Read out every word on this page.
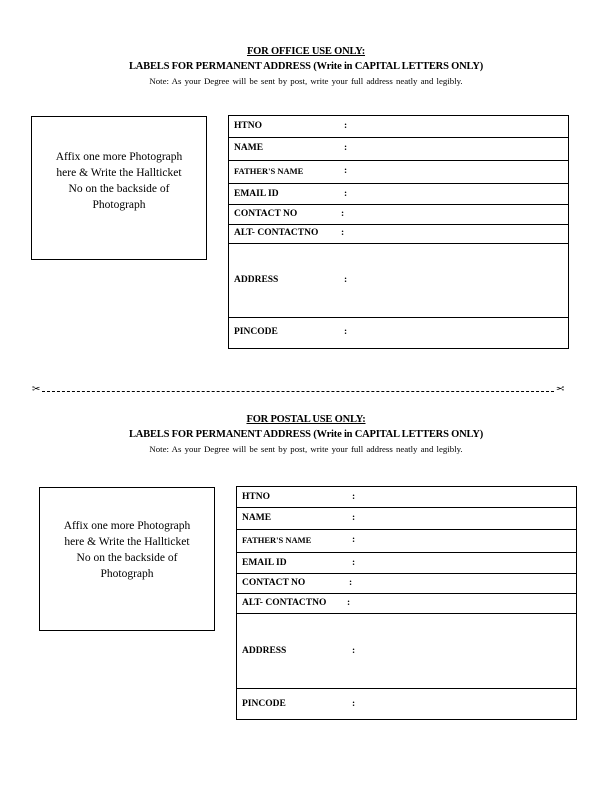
FOR OFFICE USE ONLY:
LABELS FOR PERMANENT ADDRESS (Write in CAPITAL LETTERS ONLY)
Note: As your Degree will be sent by post, write your full address neatly and legibly.
Affix one more Photograph
here & Write the Hallticket
No on the backside of
Photograph
HTNO	:
NAME	:
FATHER'S NAME	:
EMAIL ID	:
CONTACT NO	:
ALT- CONTACTNO :
ADDRESS	:
PINCODE	:
✂	✂
FOR POSTAL USE ONLY:
LABELS FOR PERMANENT ADDRESS (Write in CAPITAL LETTERS ONLY)
Note: As your Degree will be sent by post, write your full address neatly and legibly.
Affix one more Photograph
here & Write the Hallticket
No on the backside of
Photograph
HTNO	:
NAME	:
FATHER'S NAME	:
EMAIL ID	:
CONTACT NO	:
ALT- CONTACTNO :
ADDRESS	:
PINCODE	:
